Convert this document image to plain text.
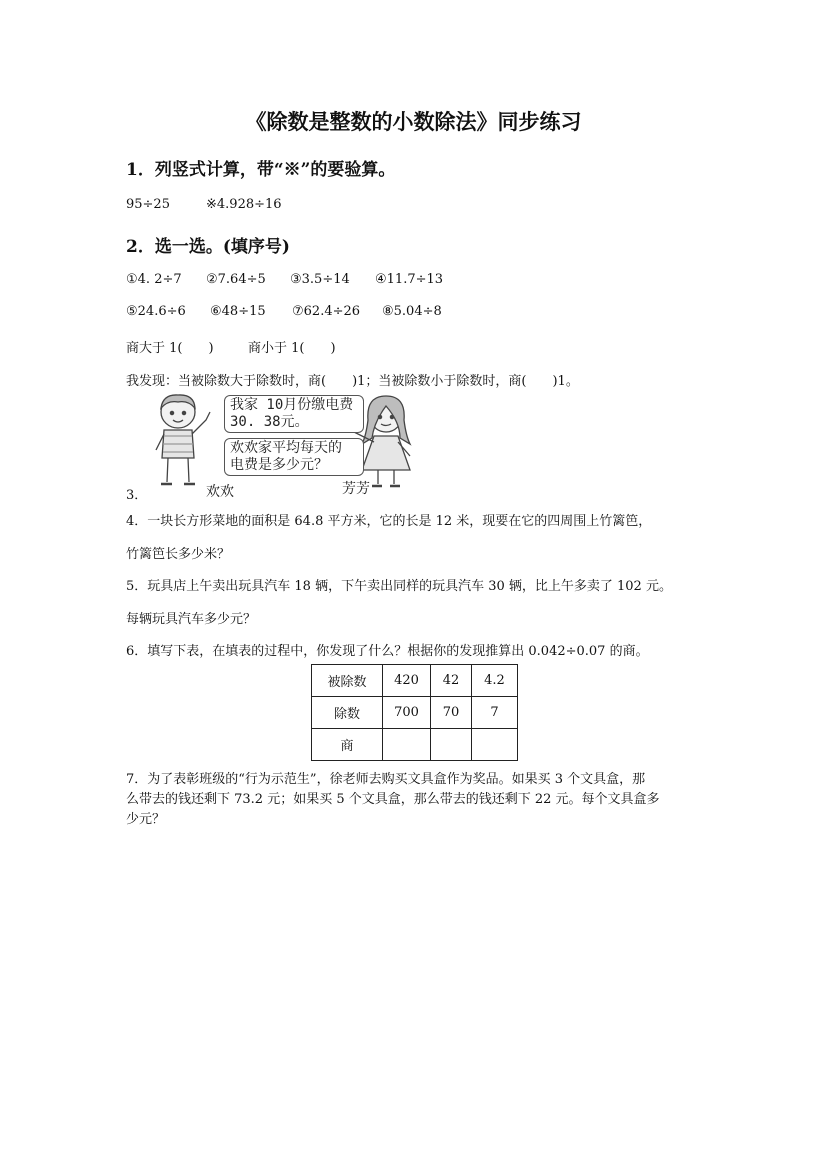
《除数是整数的小数除法》同步练习
1．列竖式计算，带“※”的要验算。
95÷25	※4.928÷16
2．选一选。(填序号)
①4. 2÷7 ②7.64÷5 ③3.5÷14 ④11.7÷13
⑤24.6÷6 ⑥48÷15 ⑦62.4÷26 ⑧5.04÷8
商大于 1(　　)	商小于 1(　　)
我发现：当被除数大于除数时，商(　　)1；当被除数小于除数时，商(　　)1。
3．
我家 10月份缴电费
30. 38元。
欢欢家平均每天的
电费是多少元？
欢欢	芳芳
4．一块长方形菜地的面积是 64.8 平方米，它的长是 12 米，现要在它的四周围上竹篱笆，
竹篱笆长多少米？
5．玩具店上午卖出玩具汽车 18 辆，下午卖出同样的玩具汽车 30 辆，比上午多卖了 102 元。
每辆玩具汽车多少元？
6．填写下表，在填表的过程中，你发现了什么？根据你的发现推算出 0.042÷0.07 的商。
被除数	420	42	4.2
除数	700	70	7
商			
7．为了表彰班级的“行为示范生”，徐老师去购买文具盒作为奖品。如果买 3 个文具盒，那
么带去的钱还剩下 73.2 元；如果买 5 个文具盒，那么带去的钱还剩下 22 元。每个文具盒多
少元？
